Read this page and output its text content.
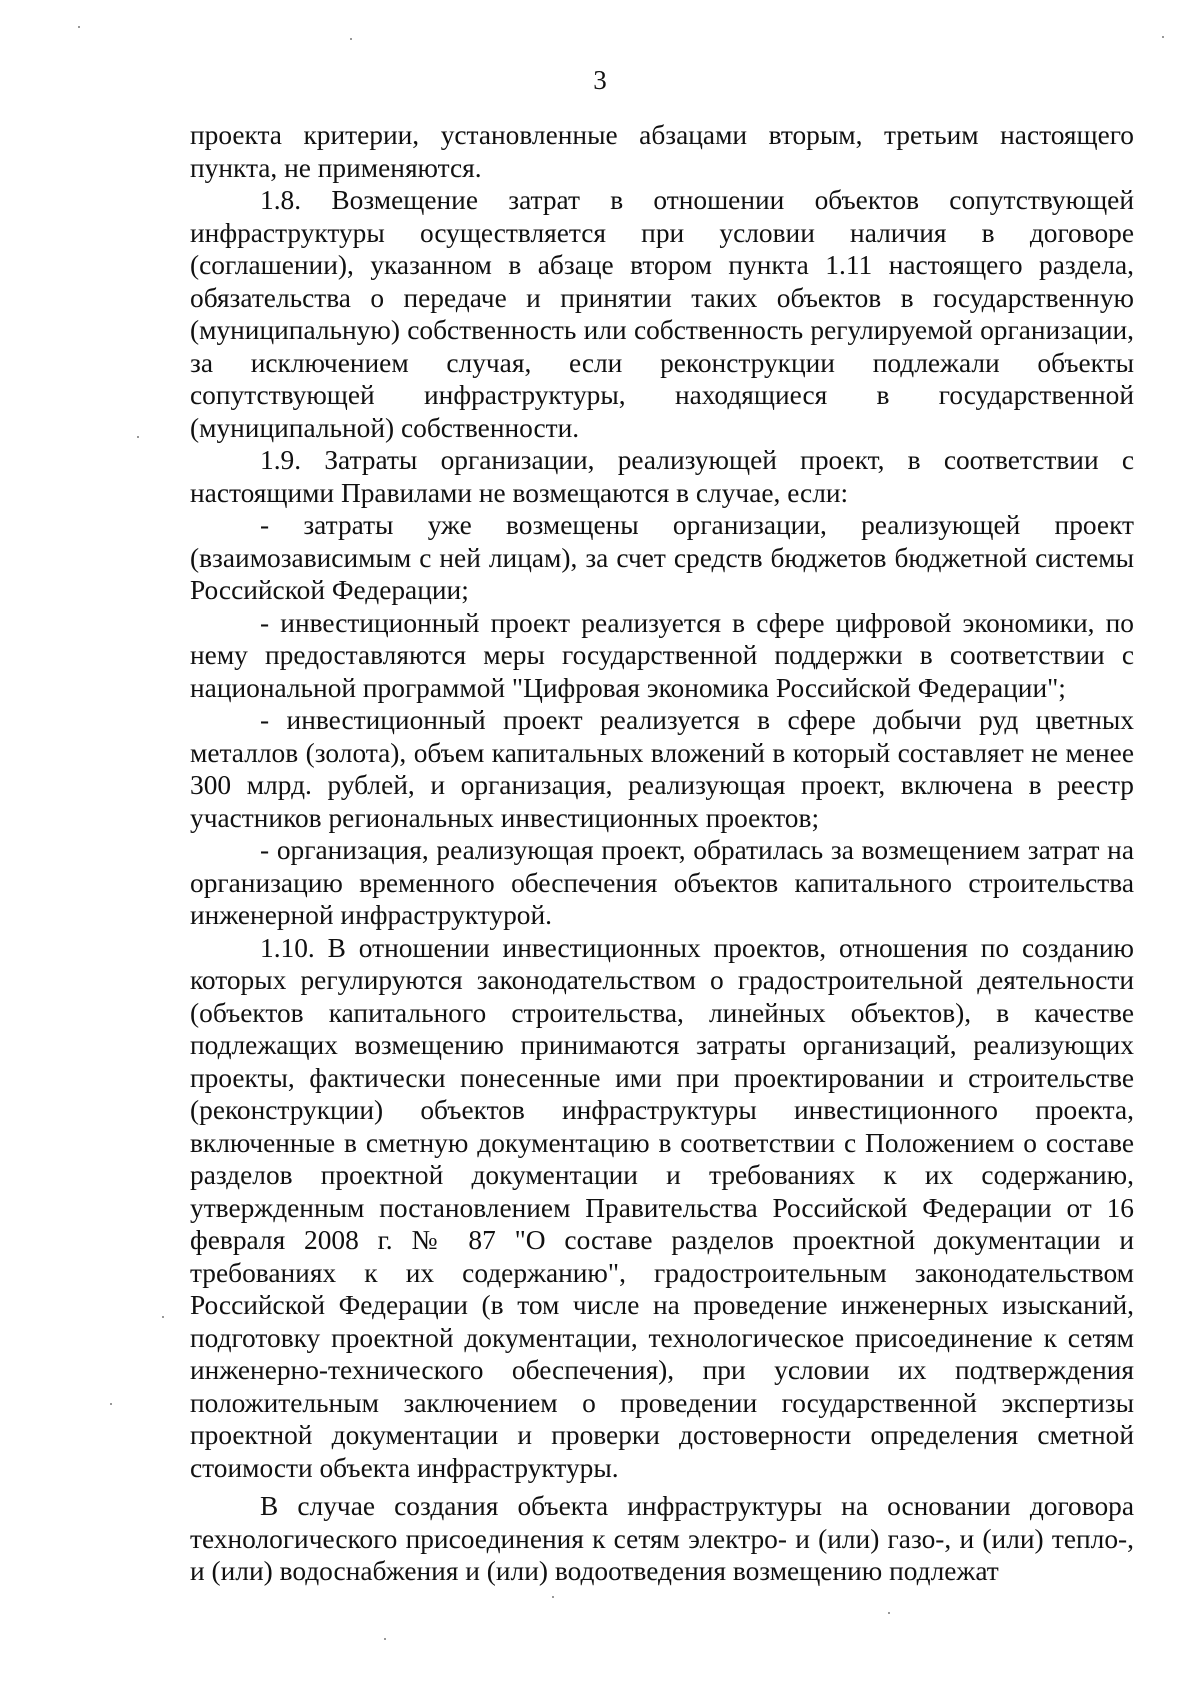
3

проекта критерии, установленные абзацами вторым, третьим настоящего пункта, не применяются.

1.8. Возмещение затрат в отношении объектов сопутствующей инфраструктуры осуществляется при условии наличия в договоре (соглашении), указанном в абзаце втором пункта 1.11 настоящего раздела, обязательства о передаче и принятии таких объектов в государственную (муниципальную) собственность или собственность регулируемой организации, за исключением случая, если реконструкции подлежали объекты сопутствующей инфраструктуры, находящиеся в государственной (муниципальной) собственности.

1.9. Затраты организации, реализующей проект, в соответствии с настоящими Правилами не возмещаются в случае, если:

- затраты уже возмещены организации, реализующей проект (взаимозависимым с ней лицам), за счет средств бюджетов бюджетной системы Российской Федерации;

- инвестиционный проект реализуется в сфере цифровой экономики, по нему предоставляются меры государственной поддержки в соответствии с национальной программой "Цифровая экономика Российской Федерации";

- инвестиционный проект реализуется в сфере добычи руд цветных металлов (золота), объем капитальных вложений в который составляет не менее 300 млрд. рублей, и организация, реализующая проект, включена в реестр участников региональных инвестиционных проектов;

- организация, реализующая проект, обратилась за возмещением затрат на организацию временного обеспечения объектов капитального строительства инженерной инфраструктурой.

1.10. В отношении инвестиционных проектов, отношения по созданию которых регулируются законодательством о градостроительной деятельности (объектов капитального строительства, линейных объектов), в качестве подлежащих возмещению принимаются затраты организаций, реализующих проекты, фактически понесенные ими при проектировании и строительстве (реконструкции) объектов инфраструктуры инвестиционного проекта, включенные в сметную документацию в соответствии с Положением о составе разделов проектной документации и требованиях к их содержанию, утвержденным постановлением Правительства Российской Федерации от 16 февраля 2008 г. № 87 "О составе разделов проектной документации и требованиях к их содержанию", градостроительным законодательством Российской Федерации (в том числе на проведение инженерных изысканий, подготовку проектной документации, технологическое присоединение к сетям инженерно-технического обеспечения), при условии их подтверждения положительным заключением о проведении государственной экспертизы проектной документации и проверки достоверности определения сметной стоимости объекта инфраструктуры.

В случае создания объекта инфраструктуры на основании договора технологического присоединения к сетям электро- и (или) газо-, и (или) тепло-, и (или) водоснабжения и (или) водоотведения возмещению подлежат
